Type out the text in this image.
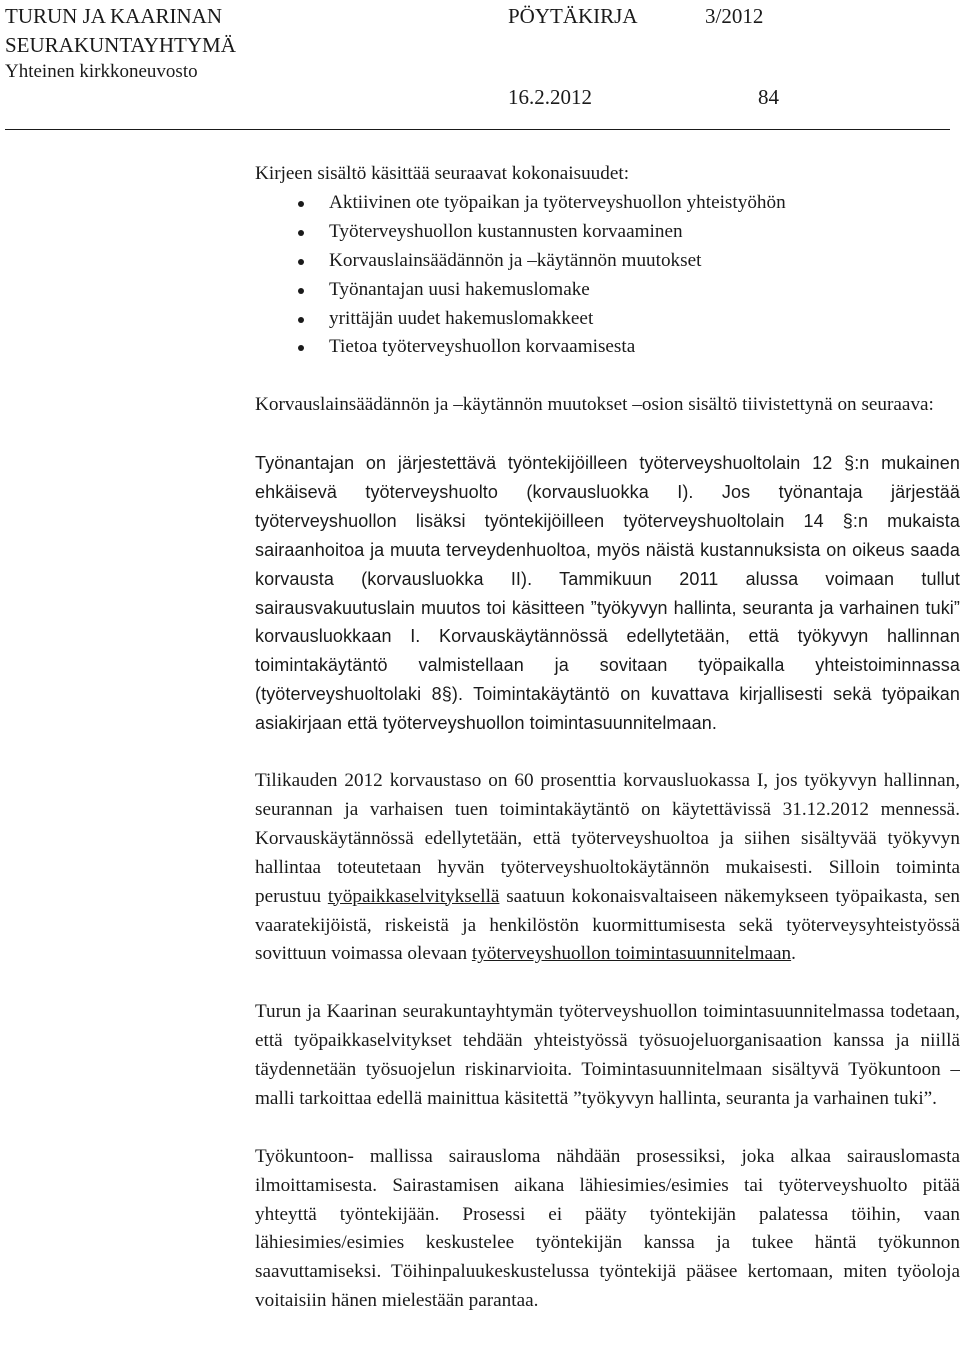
TURUN JA KAARINAN
SEURAKUNTAYHTYMÄ
Yhteinen kirkkoneuvosto
PÖYTÄKIRJA	3/2012
16.2.2012	84

Kirjeen sisältö käsittää seuraavat kokonaisuudet:

Aktiivinen ote työpaikan ja työterveyshuollon yhteistyöhön
Työterveyshuollon kustannusten korvaaminen
Korvauslainsäädännön ja –käytännön muutokset
Työnantajan uusi hakemuslomake
yrittäjän uudet hakemuslomakkeet
Tietoa työterveyshuollon korvaamisesta

Korvauslainsäädännön ja –käytännön muutokset –osion sisältö tiivistettynä on seuraava:

Työnantajan on järjestettävä työntekijöilleen työterveyshuoltolain 12 §:n mukainen ehkäisevä työterveyshuolto (korvausluokka I). Jos työnantaja järjestää työterveyshuollon lisäksi työntekijöilleen työterveyshuoltolain 14 §:n mukaista sairaanhoitoa ja muuta terveydenhuoltoa, myös näistä kustannuksista on oikeus saada korvausta (korvausluokka II). Tammikuun 2011 alussa voimaan tullut sairausvakuutuslain muutos toi käsitteen ”työkyvyn hallinta, seuranta ja varhainen tuki” korvausluokkaan I. Korvauskäytännössä edellytetään, että työkyvyn hallinnan toimintakäytäntö valmistellaan ja sovitaan työpaikalla yhteistoiminnassa (työterveyshuoltolaki 8§). Toimintakäytäntö on kuvattava kirjallisesti sekä työpaikan asiakirjaan että työterveyshuollon toimintasuunnitelmaan.

Tilikauden 2012 korvaustaso on 60 prosenttia korvausluokassa I, jos työkyvyn hallinnan, seurannan ja varhaisen tuen toimintakäytäntö on käytettävissä 31.12.2012 mennessä. Korvauskäytännössä edellytetään, että työterveyshuoltoa ja siihen sisältyvää työkyvyn hallintaa toteutetaan hyvän työterveyshuoltokäytännön mukaisesti. Silloin toiminta perustuu työpaikkaselvityksellä saatuun kokonaisvaltaiseen näkemykseen työpaikasta, sen vaaratekijöistä, riskeistä ja henkilöstön kuormittumisesta sekä työterveysyhteistyössä sovittuun voimassa olevaan työterveyshuollon toimintasuunnitelmaan.

Turun ja Kaarinan seurakuntayhtymän työterveyshuollon toimintasuunnitelmassa todetaan, että työpaikkaselvitykset tehdään yhteistyössä työsuojeluorganisaation kanssa ja niillä täydennetään työsuojelun riskinarvioita. Toimintasuunnitelmaan sisältyvä Työkuntoon –malli tarkoittaa edellä mainittua käsitettä ”työkyvyn hallinta, seuranta ja varhainen tuki”.

Työkuntoon- mallissa sairausloma nähdään prosessiksi, joka alkaa sairauslomasta ilmoittamisesta. Sairastamisen aikana lähiesimies/esimies tai työterveyshuolto pitää yhteyttä työntekijään. Prosessi ei pääty työntekijän palatessa töihin, vaan lähiesimies/esimies keskustelee työntekijän kanssa ja tukee häntä työkunnon saavuttamiseksi. Töihinpaluukeskustelussa työntekijä pääsee kertomaan, miten työoloja voitaisiin hänen mielestään parantaa.
